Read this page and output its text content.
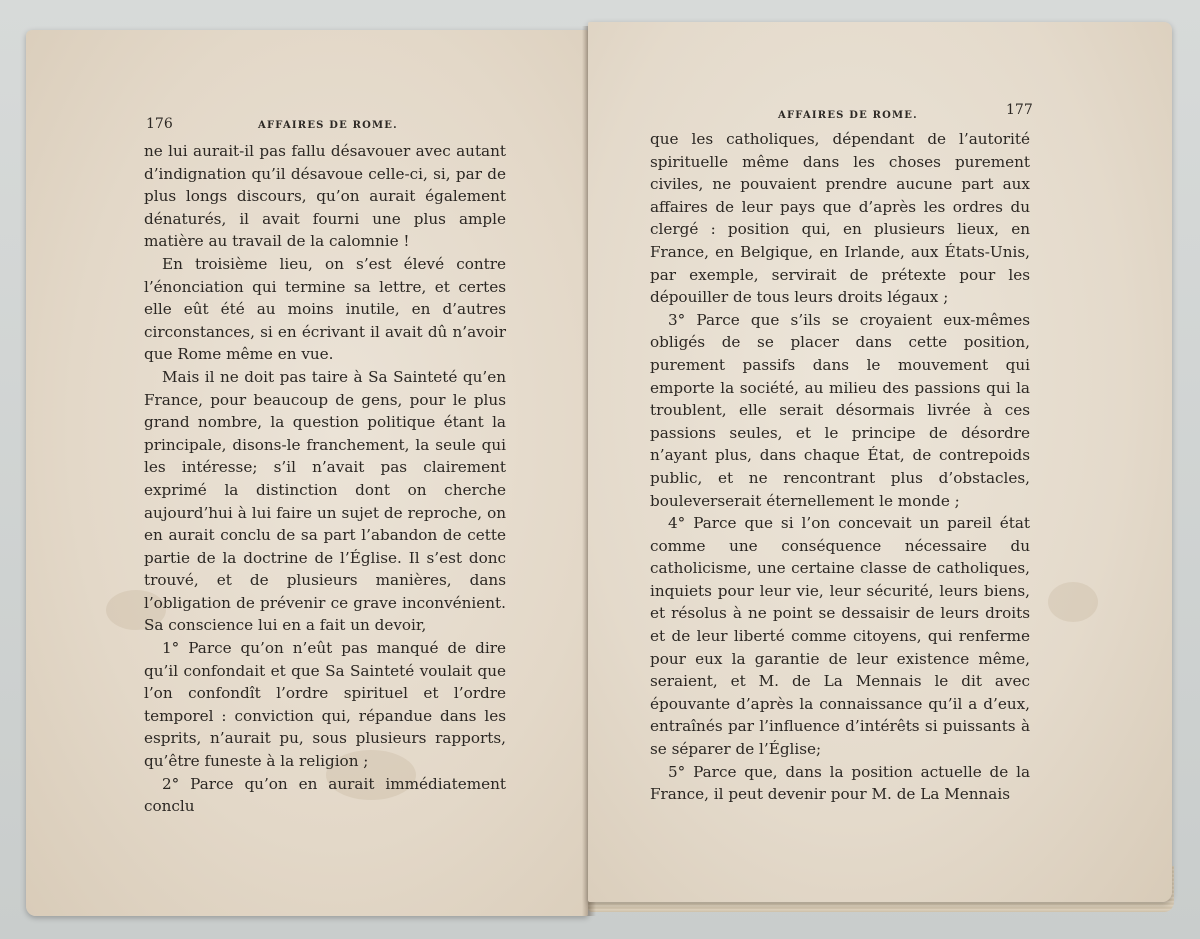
176	AFFAIRES DE ROME.

ne lui aurait-il pas fallu désavouer avec autant d’indignation qu’il désavoue celle-ci, si, par de plus longs discours, qu’on aurait également dénaturés, il avait fourni une plus ample matière au travail de la calomnie !

En troisième lieu, on s’est élevé contre l’énonciation qui termine sa lettre, et certes elle eût été au moins inutile, en d’autres circonstances, si en écrivant il avait dû n’avoir que Rome même en vue.

Mais il ne doit pas taire à Sa Sainteté qu’en France, pour beaucoup de gens, pour le plus grand nombre, la question politique étant la principale, disons-le franchement, la seule qui les intéresse; s’il n’avait pas clairement exprimé la distinction dont on cherche aujourd’hui à lui faire un sujet de reproche, on en aurait conclu de sa part l’abandon de cette partie de la doctrine de l’Église. Il s’est donc trouvé, et de plusieurs manières, dans l’obligation de prévenir ce grave inconvénient. Sa conscience lui en a fait un devoir,

1° Parce qu’on n’eût pas manqué de dire qu’il confondait et que Sa Sainteté voulait que l’on confondît l’ordre spirituel et l’ordre temporel : conviction qui, répandue dans les esprits, n’aurait pu, sous plusieurs rapports, qu’être funeste à la religion ;

2° Parce qu’on en aurait immédiatement conclu

AFFAIRES DE ROME.	177

que les catholiques, dépendant de l’autorité spirituelle même dans les choses purement civiles, ne pouvaient prendre aucune part aux affaires de leur pays que d’après les ordres du clergé : position qui, en plusieurs lieux, en France, en Belgique, en Irlande, aux États-Unis, par exemple, servirait de prétexte pour les dépouiller de tous leurs droits légaux ;

3° Parce que s’ils se croyaient eux-mêmes obligés de se placer dans cette position, purement passifs dans le mouvement qui emporte la société, au milieu des passions qui la troublent, elle serait désormais livrée à ces passions seules, et le principe de désordre n’ayant plus, dans chaque État, de contrepoids public, et ne rencontrant plus d’obstacles, bouleverserait éternellement le monde ;

4° Parce que si l’on concevait un pareil état comme une conséquence nécessaire du catholicisme, une certaine classe de catholiques, inquiets pour leur vie, leur sécurité, leurs biens, et résolus à ne point se dessaisir de leurs droits et de leur liberté comme citoyens, qui renferme pour eux la garantie de leur existence même, seraient, et M. de La Mennais le dit avec épouvante d’après la connaissance qu’il a d’eux, entraînés par l’influence d’intérêts si puissants à se séparer de l’Église;

5° Parce que, dans la position actuelle de la France, il peut devenir pour M. de La Mennais
